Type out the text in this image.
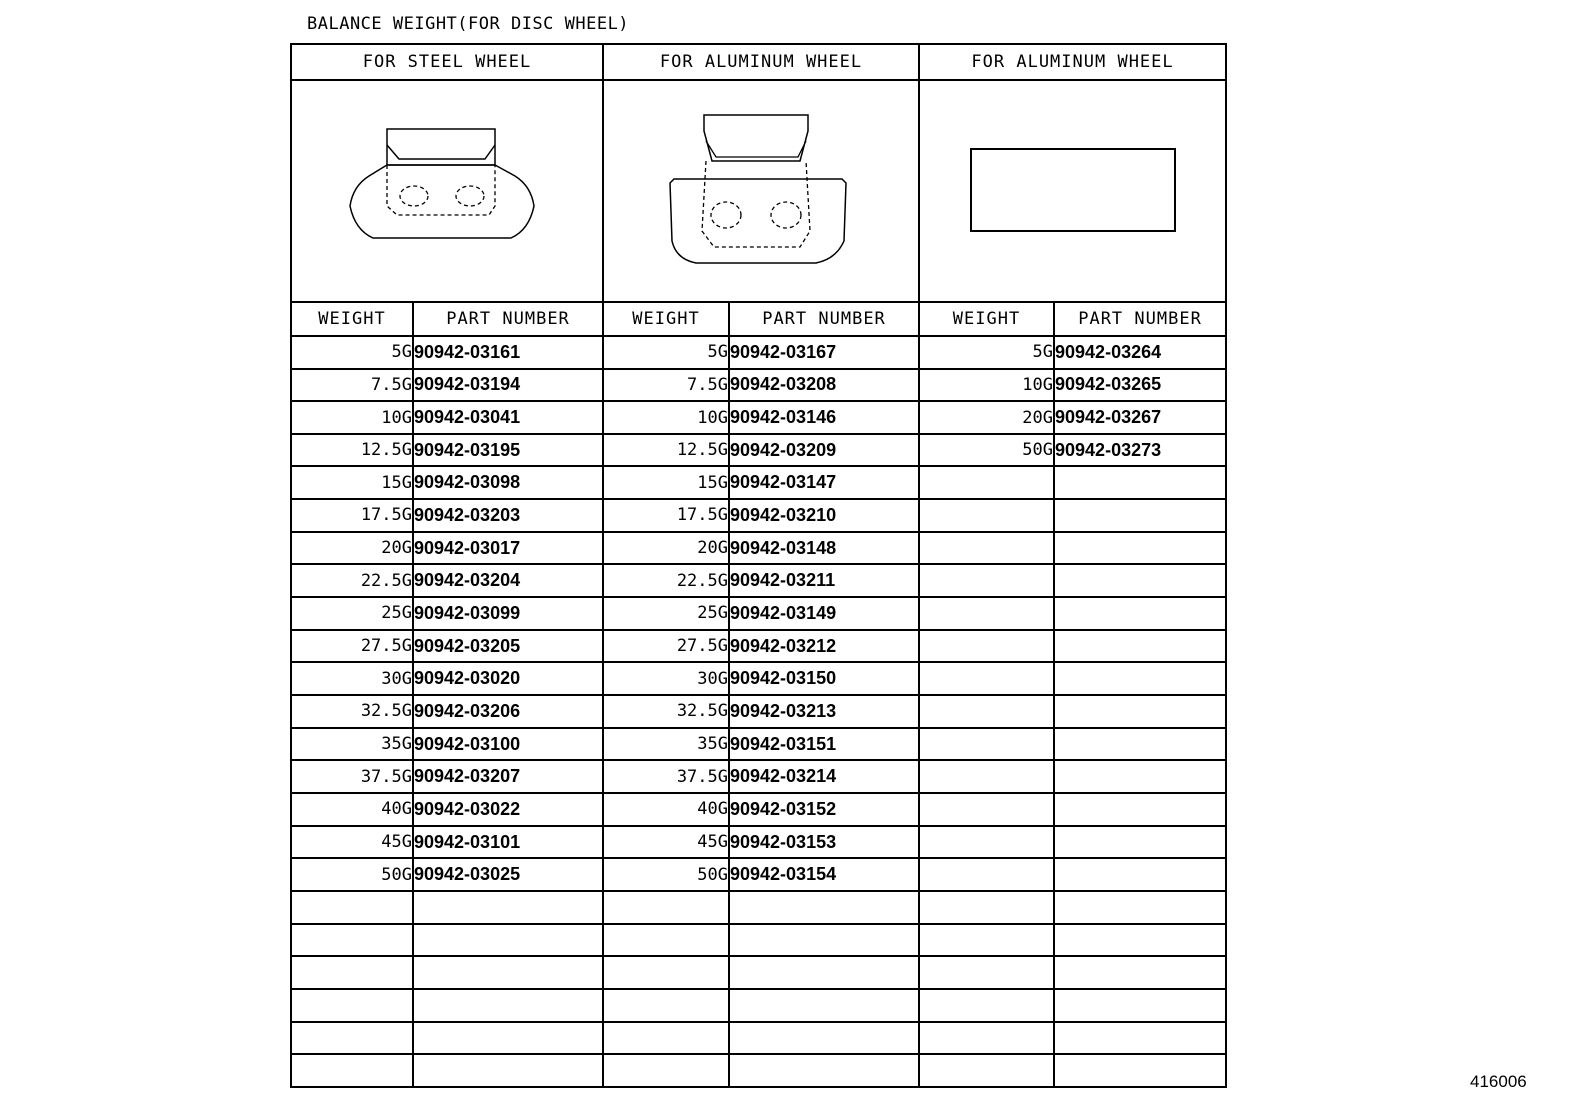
BALANCE WEIGHT(FOR DISC WHEEL)
FOR STEEL WHEEL		FOR ALUMINUM WHEEL		FOR ALUMINUM WHEEL	

WEIGHT	PART NUMBER	WEIGHT	PART NUMBER	WEIGHT	PART NUMBER
5G	90942-03161	5G	90942-03167	5G	90942-03264
7.5G	90942-03194	7.5G	90942-03208	10G	90942-03265
10G	90942-03041	10G	90942-03146	20G	90942-03267
12.5G	90942-03195	12.5G	90942-03209	50G	90942-03273
15G	90942-03098	15G	90942-03147		
17.5G	90942-03203	17.5G	90942-03210		
20G	90942-03017	20G	90942-03148		
22.5G	90942-03204	22.5G	90942-03211		
25G	90942-03099	25G	90942-03149		
27.5G	90942-03205	27.5G	90942-03212		
30G	90942-03020	30G	90942-03150		
32.5G	90942-03206	32.5G	90942-03213		
35G	90942-03100	35G	90942-03151		
37.5G	90942-03207	37.5G	90942-03214		
40G	90942-03022	40G	90942-03152		
45G	90942-03101	45G	90942-03153		
50G	90942-03025	50G	90942-03154		

416006
